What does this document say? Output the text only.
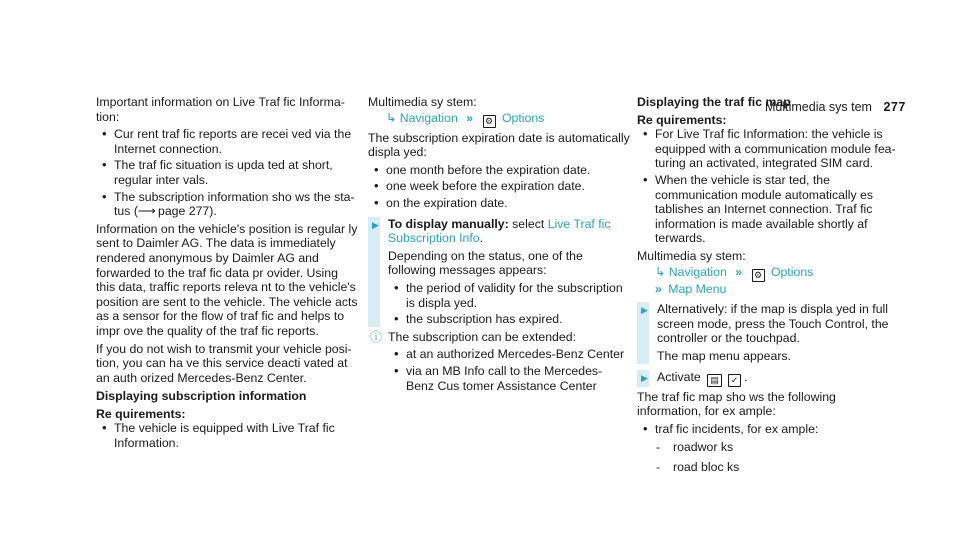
Multimedia sys tem 277

Important information on Live Traf fic Information:

• Cur rent traf fic reports are recei ved via the Internet connection.
• The traf fic situation is upda ted at short, regular inter vals.
• The subscription information sho ws the status (⟶ page 277).

Information on the vehicle's position is regular ly sent to Daimler AG. The data is immediately rendered anonymous by Daimler AG and forwarded to the traf fic data pr ovider. Using this data, traffic reports releva nt to the vehicle's position are sent to the vehicle. The vehicle acts as a sensor for the flow of traf fic and helps to impr ove the quality of the traf fic reports.

If you do not wish to transmit your vehicle position, you can ha ve this service deacti vated at an auth orized Mercedes-Benz Center.

Displaying subscription information

Re quirements:

• The vehicle is equipped with Live Traf fic Information.

Multimedia sy stem:

↳ Navigation » ⚙ Options

The subscription expiration date is automatically displa yed:

• one month before the expiration date.
• one week before the expiration date.
• on the expiration date.
▶ To display manually: select Live Traf fic Subscription Info.

Depending on the status, one of the following messages appears:

• the period of validity for the subscription is displa yed.
• the subscription has expired.
ⓘ The subscription can be extended:

• at an authorized Mercedes-Benz Center
• via an MB Info call to the Mercedes-Benz Cus tomer Assistance Center

Displaying the traf fic map

Re quirements:

• For Live Traf fic Information: the vehicle is equipped with a communication module featuring an activated, integrated SIM card.
• When the vehicle is star ted, the communication module automatically es tablishes an Internet connection. Traf fic information is made available shortly af terwards.

Multimedia sy stem:

↳ Navigation » ⚙ Options
» Map Menu
▶ Alternatively: if the map is displa yed in full screen mode, press the Touch Control, the controller or the touchpad.

The map menu appears.

▶ Activate ▤ ✓ .

The traf fic map sho ws the following information, for ex ample:

• traf fic incidents, for ex ample:
- roadwor ks
- road bloc ks
